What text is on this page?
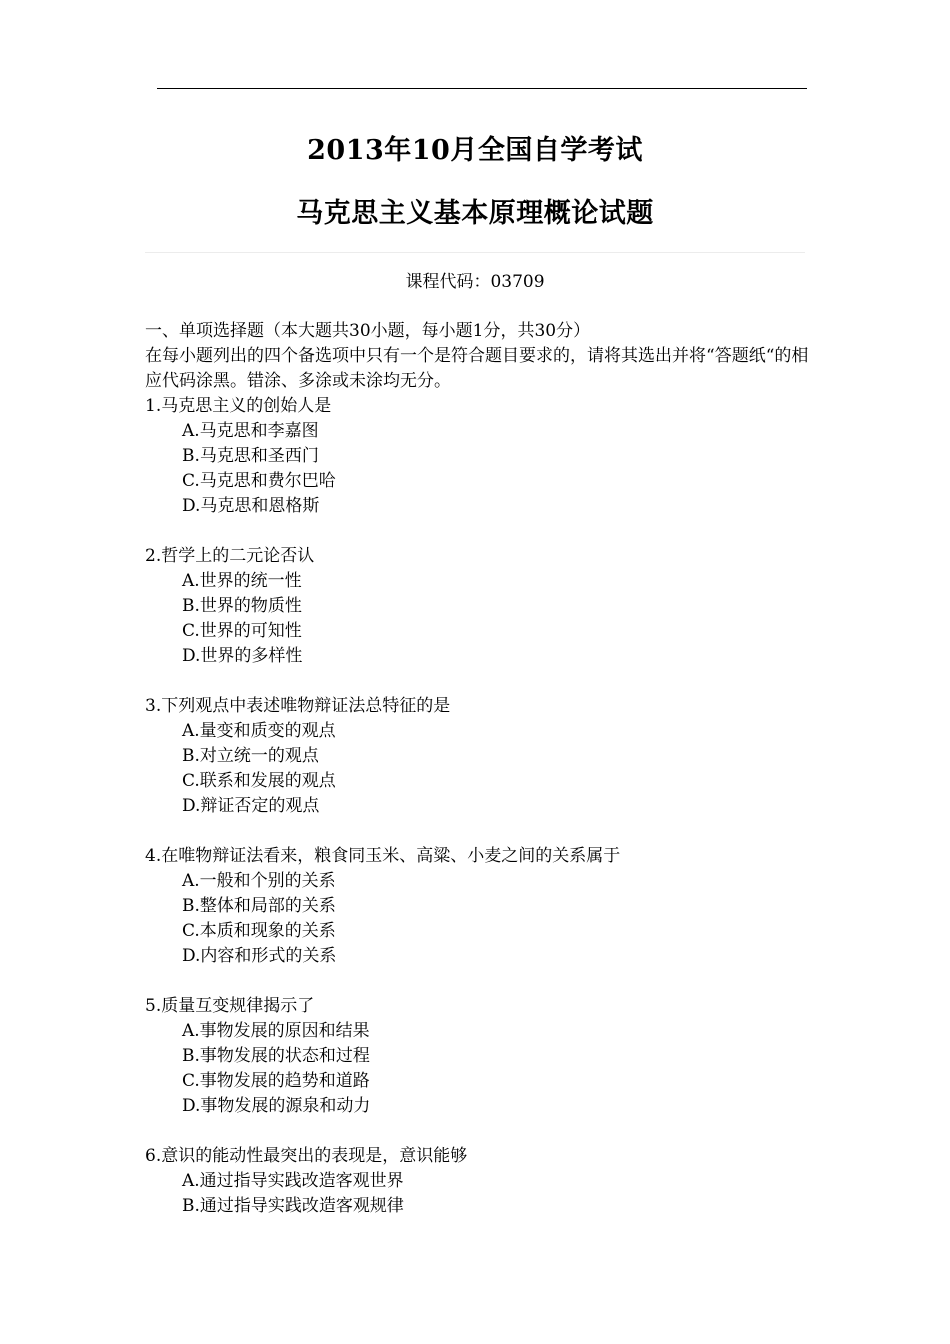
2013年10月全国自学考试
马克思主义基本原理概论试题
课程代码：03709
一、单项选择题（本大题共30小题，每小题1分，共30分）
在每小题列出的四个备选项中只有一个是符合题目要求的，请将其选出并将“答题纸“的相应代码涂黑。错涂、多涂或未涂均无分。
1.马克思主义的创始人是
A.马克思和李嘉图
B.马克思和圣西门
C.马克思和费尔巴哈
D.马克思和恩格斯
2.哲学上的二元论否认
A.世界的统一性
B.世界的物质性
C.世界的可知性
D.世界的多样性
3.下列观点中表述唯物辩证法总特征的是
A.量变和质变的观点
B.对立统一的观点
C.联系和发展的观点
D.辩证否定的观点
4.在唯物辩证法看来，粮食同玉米、高粱、小麦之间的关系属于
A.一般和个别的关系
B.整体和局部的关系
C.本质和现象的关系
D.内容和形式的关系
5.质量互变规律揭示了
A.事物发展的原因和结果
B.事物发展的状态和过程
C.事物发展的趋势和道路
D.事物发展的源泉和动力
6.意识的能动性最突出的表现是，意识能够
A.通过指导实践改造客观世界
B.通过指导实践改造客观规律
